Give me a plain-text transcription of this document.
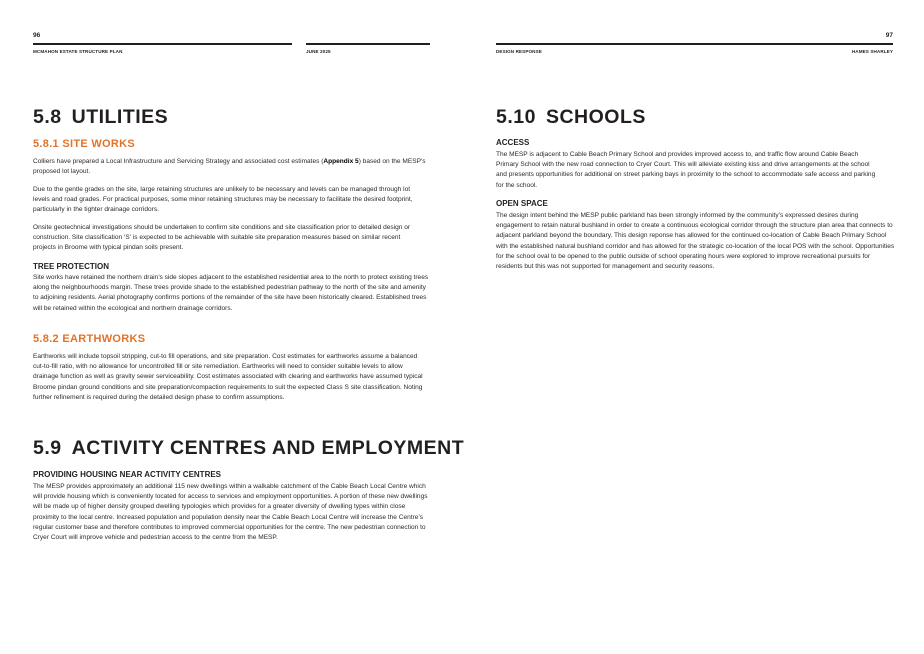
96
MCMAHON ESTATE STRUCTURE PLAN	JUNE 2025
5.8 UTILITIES
5.8.1 SITE WORKS
Colliers have prepared a Local Infrastructure and Servicing Strategy and associated cost estimates (Appendix 5) based on the MESP’s proposed lot layout.
Due to the gentle grades on the site, large retaining structures are unlikely to be necessary and levels can be managed through lot levels and road grades. For practical purposes, some minor retaining structures may be necessary to facilitate the desired footprint, particularly in the tighter drainage corridors.
Onsite geotechnical investigations should be undertaken to confirm site conditions and site classification prior to detailed design or construction. Site classification ‘S’ is expected to be achievable with suitable site preparation measures based on similar recent projects in Broome with typical pindan soils present.
TREE PROTECTION
Site works have retained the northern drain’s side slopes adjacent to the established residential area to the north to protect existing trees along the neighbourhoods margin. These trees provide shade to the established pedestrian pathway to the north of the site and amenity to adjoining residents. Aerial photography confirms portions of the remainder of the site have been historically cleared. Established trees will be retained within the ecological and northern drainage corridors.
5.8.2 EARTHWORKS
Earthworks will include topsoil stripping, cut-to fill operations, and site preparation. Cost estimates for earthworks assume a balanced cut-to-fill ratio, with no allowance for uncontrolled fill or site remediation. Earthworks will need to consider suitable levels to allow drainage function as well as gravity sewer serviceability. Cost estimates associated with clearing and earthworks have assumed typical Broome pindan ground conditions and site preparation/compaction requirements to suit the expected Class S site classification. Noting further refinement is required during the detailed design phase to confirm assumptions.
5.9 ACTIVITY CENTRES AND EMPLOYMENT
PROVIDING HOUSING NEAR ACTIVITY CENTRES
The MESP provides approximately an additional 115 new dwellings within a walkable catchment of the Cable Beach Local Centre which will provide housing which is conveniently located for access to services and employment opportunities. A portion of these new dwellings will be made up of higher density grouped dwelling typologies which provides for a greater diversity of dwelling types within close proximity to the local centre. Increased population and population density near the Cable Beach Local Centre will increase the Centre’s regular customer base and therefore contributes to improved commercial opportunities for the centre. The new pedestrian connection to Cryer Court will improve vehicle and pedestrian access to the centre from the MESP.
97
DESIGN RESPONSE	HAMES SHARLEY
5.10 SCHOOLS
ACCESS
The MESP is adjacent to Cable Beach Primary School and provides improved access to, and traffic flow around Cable Beach Primary School with the new road connection to Cryer Court. This will alleviate existing kiss and drive arrangements at the school and presents opportunities for additional on street parking bays in proximity to the school to accommodate safe access and parking for the school.
OPEN SPACE
The design intent behind the MESP public parkland has been strongly informed by the community’s expressed desires during engagement to retain natural bushland in order to create a continuous ecological corridor through the structure plan area that connects to adjacent parkland beyond the boundary. This design reponse has allowed for the continued co-location of Cable Beach Primary School with the established natural bushland corridor and has allowed for the strategic co-location of the local POS with the school. Opportunities for the school oval to be opened to the public outside of school operating hours were explored to improve recreational pursuits for residents but this was not supported for management and security reasons.
